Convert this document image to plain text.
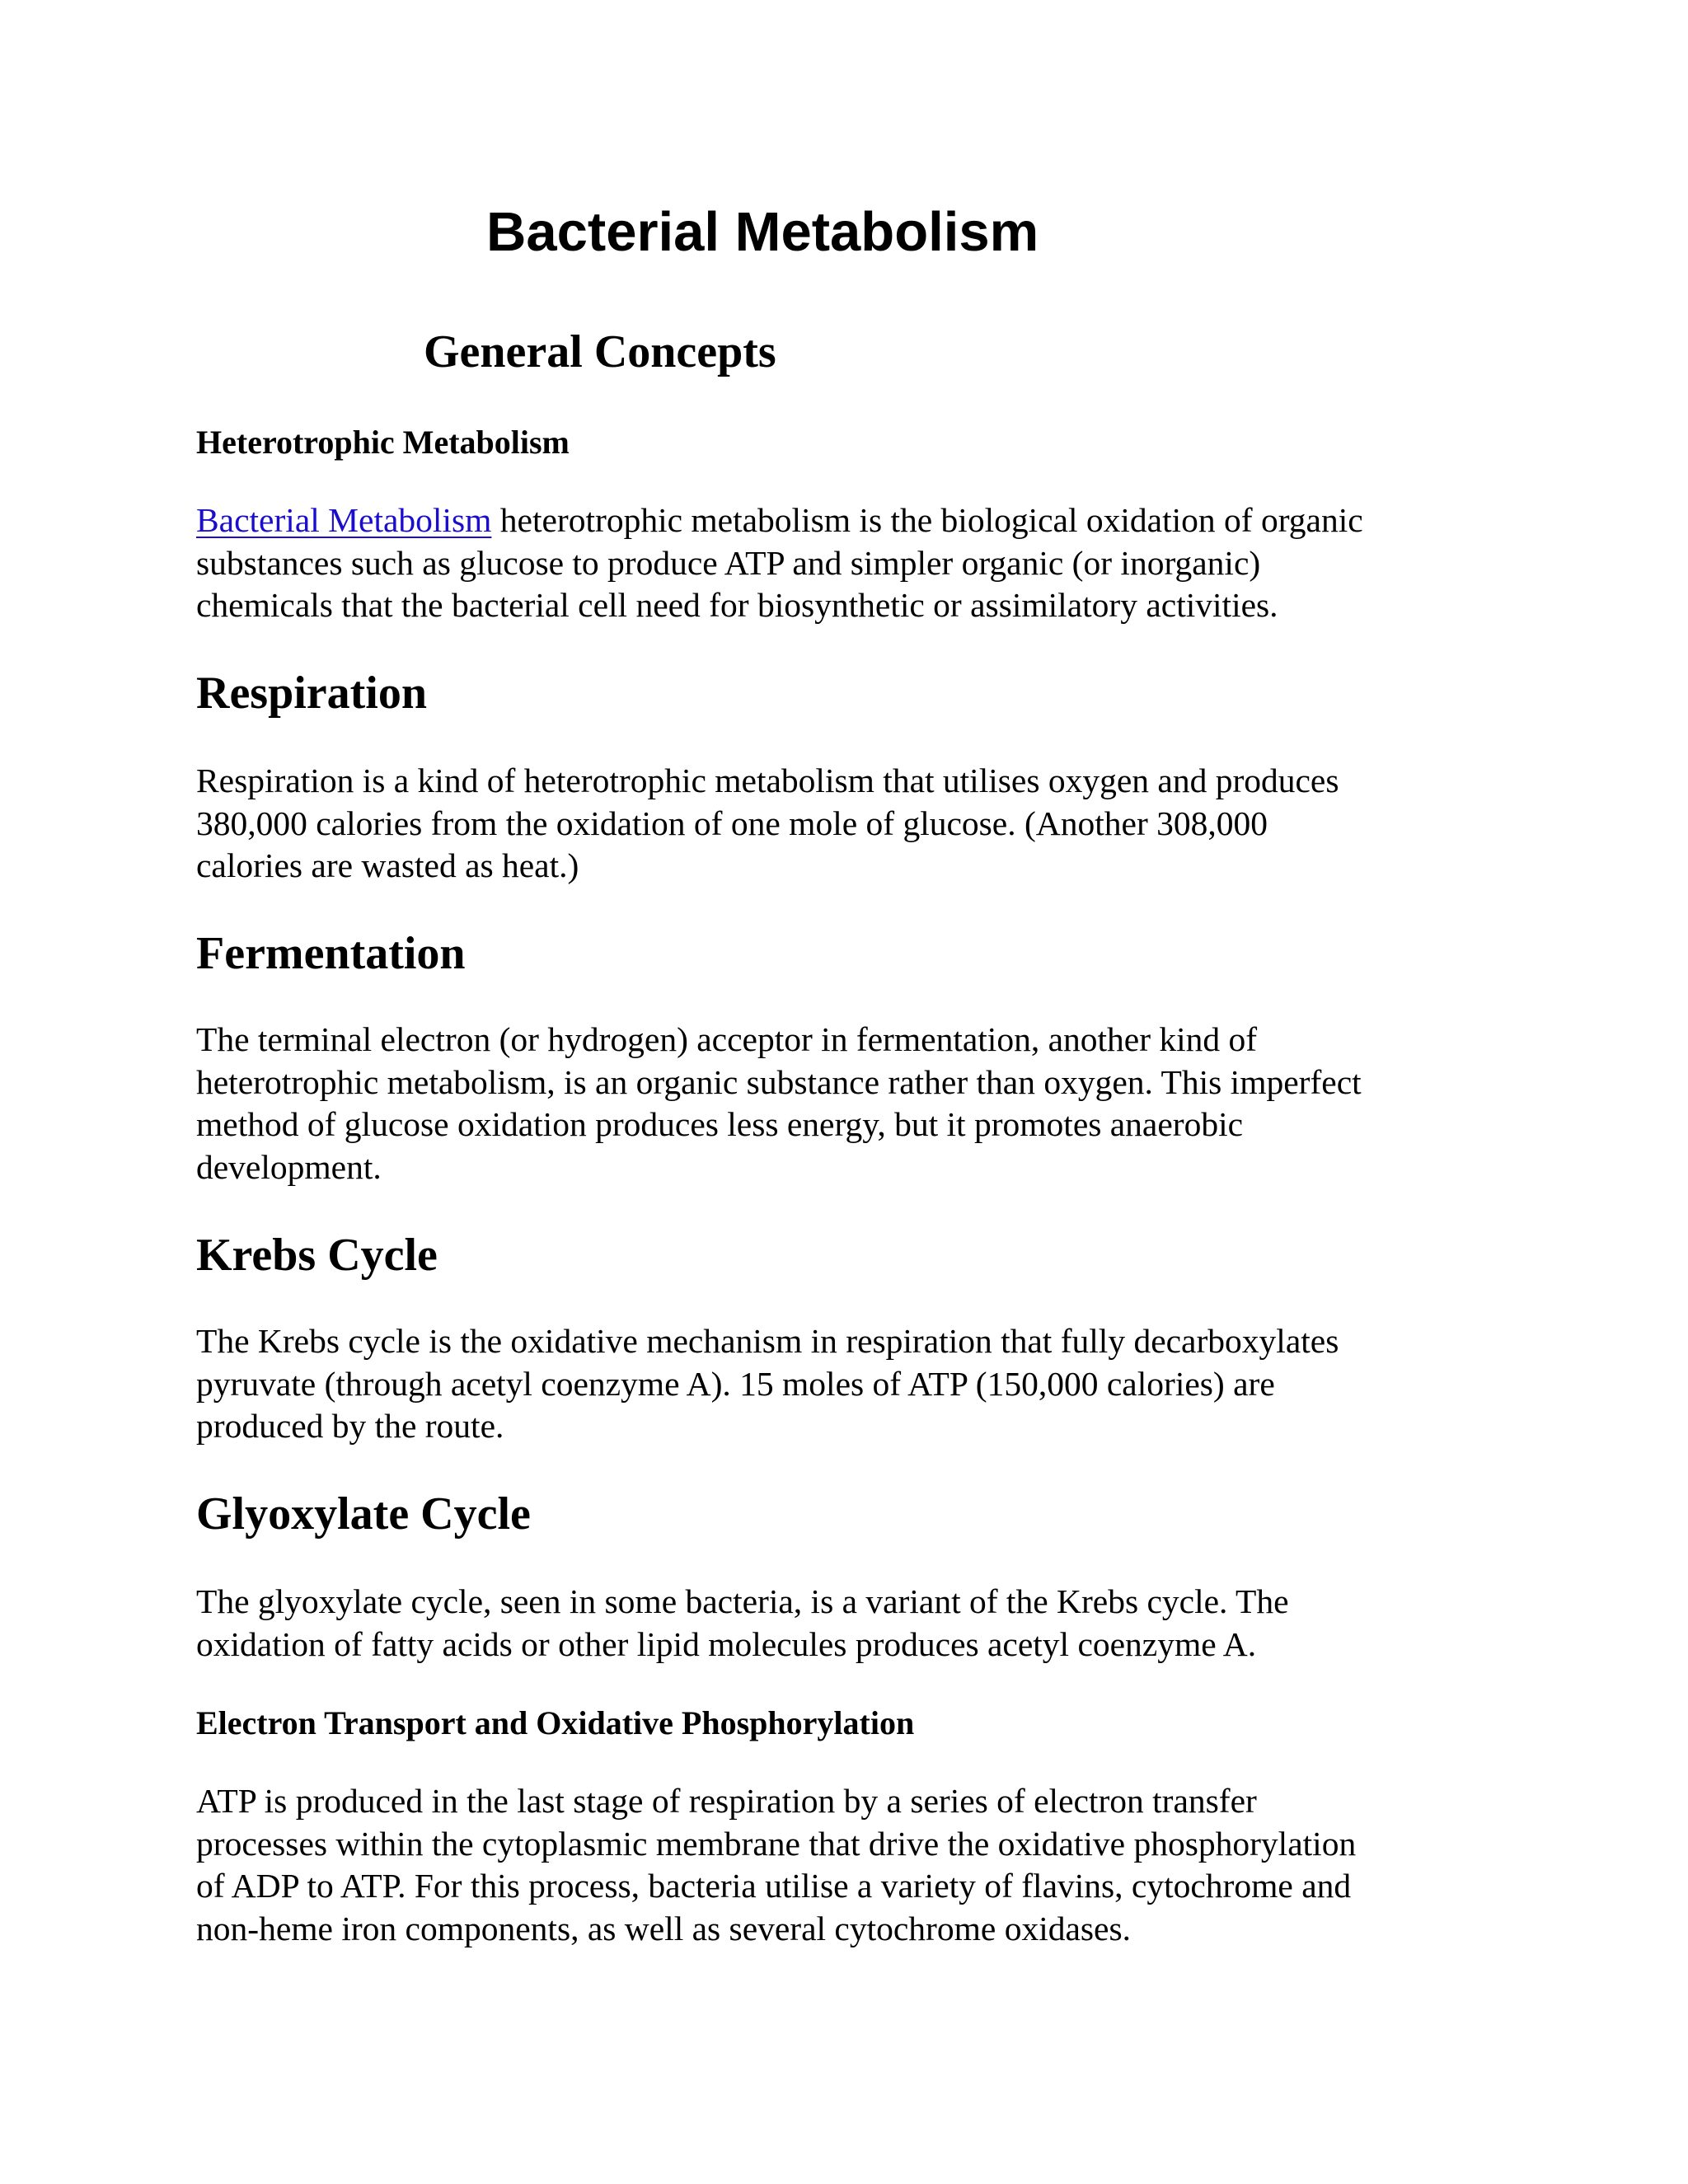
Bacterial Metabolism
General Concepts
Heterotrophic Metabolism

Bacterial Metabolism heterotrophic metabolism is the biological oxidation of organic
substances such as glucose to produce ATP and simpler organic (or inorganic)
chemicals that the bacterial cell need for biosynthetic or assimilatory activities.

Respiration

Respiration is a kind of heterotrophic metabolism that utilises oxygen and produces
380,000 calories from the oxidation of one mole of glucose. (Another 308,000
calories are wasted as heat.)

Fermentation

The terminal electron (or hydrogen) acceptor in fermentation, another kind of
heterotrophic metabolism, is an organic substance rather than oxygen. This imperfect
method of glucose oxidation produces less energy, but it promotes anaerobic
development.

Krebs Cycle

The Krebs cycle is the oxidative mechanism in respiration that fully decarboxylates
pyruvate (through acetyl coenzyme A). 15 moles of ATP (150,000 calories) are
produced by the route.

Glyoxylate Cycle

The glyoxylate cycle, seen in some bacteria, is a variant of the Krebs cycle. The
oxidation of fatty acids or other lipid molecules produces acetyl coenzyme A.

Electron Transport and Oxidative Phosphorylation

ATP is produced in the last stage of respiration by a series of electron transfer
processes within the cytoplasmic membrane that drive the oxidative phosphorylation
of ADP to ATP. For this process, bacteria utilise a variety of flavins, cytochrome and
non-heme iron components, as well as several cytochrome oxidases.
